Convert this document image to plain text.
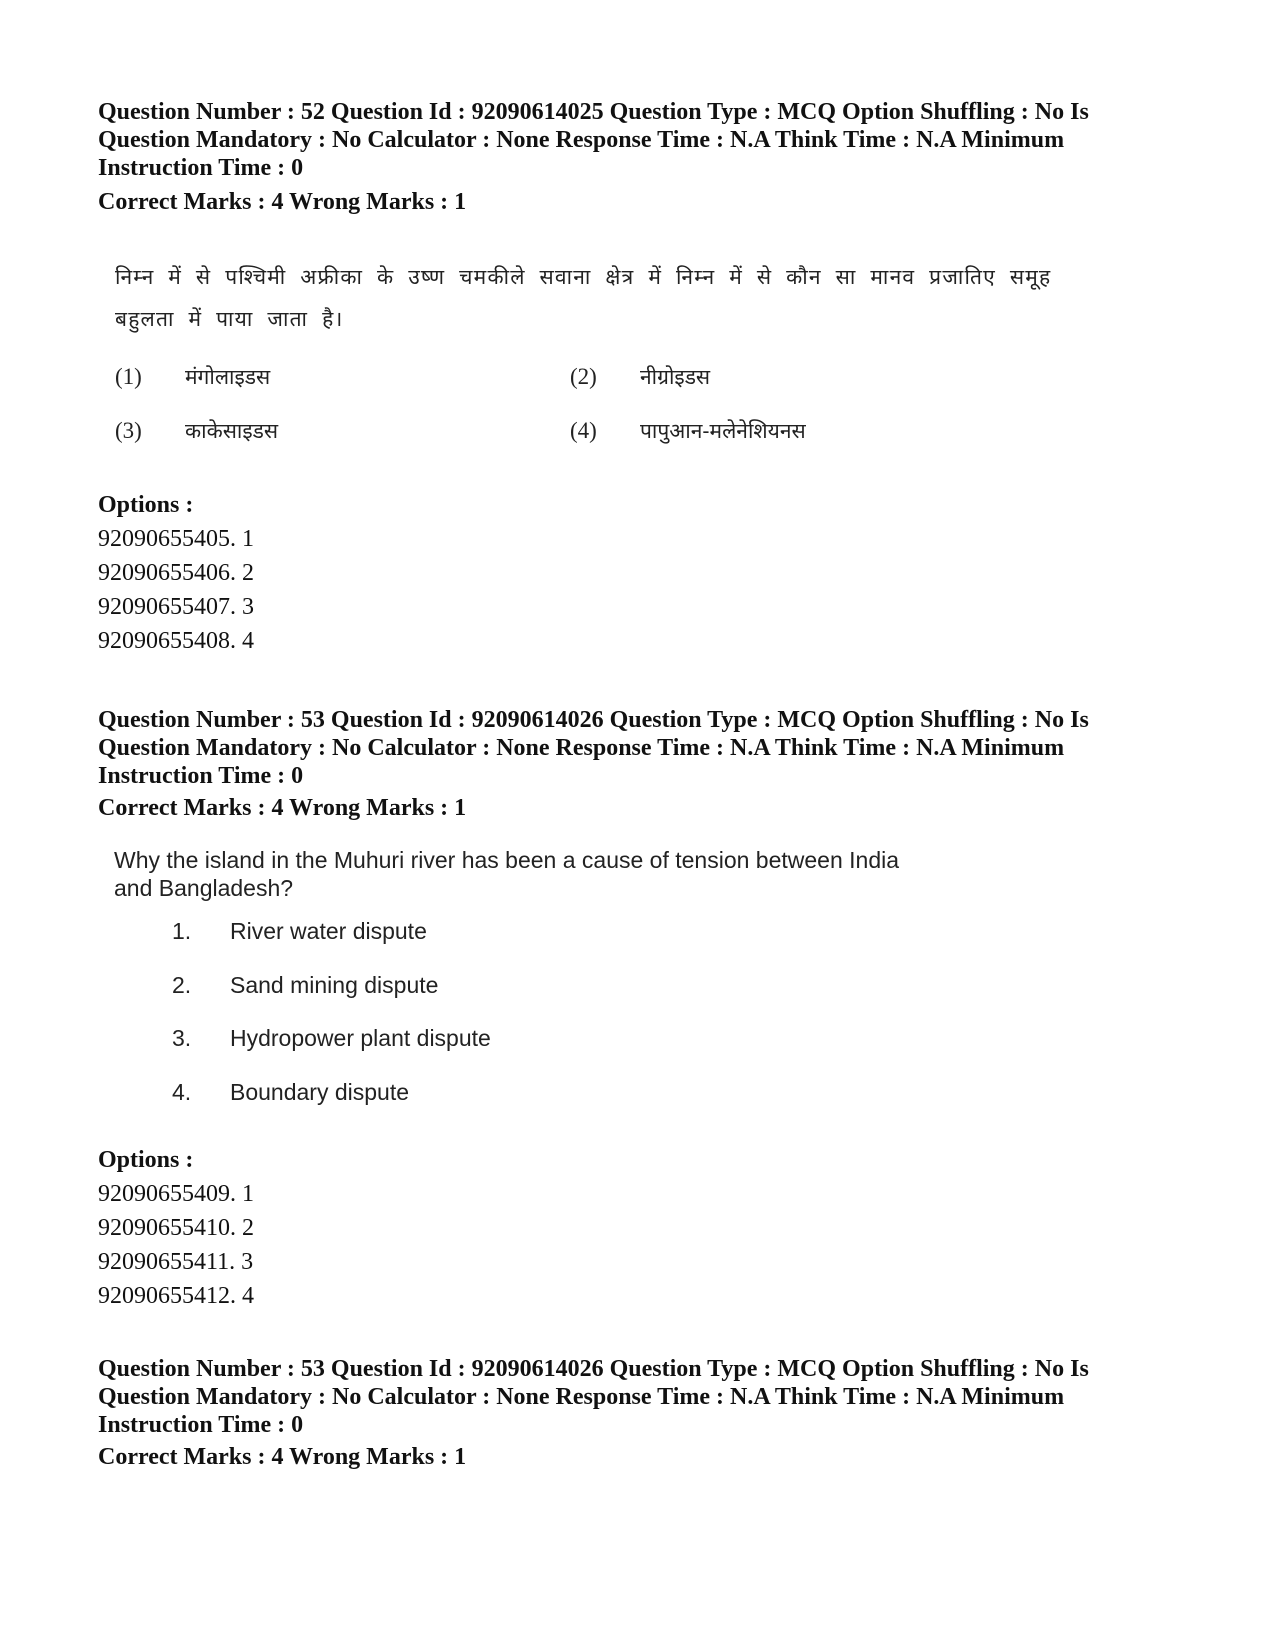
Question Number : 52 Question Id : 92090614025 Question Type : MCQ Option Shuffling : No Is
Question Mandatory : No Calculator : None Response Time : N.A Think Time : N.A Minimum
Instruction Time : 0
Correct Marks : 4 Wrong Marks : 1
निम्न में से पश्चिमी अफ्रीका के उष्ण चमकीले सवाना क्षेत्र में निम्न में से कौन सा मानव प्रजातिए समूह
बहुलता में पाया जाता है।
(1) मंगोलाइडस	(2) नीग्रोइडस
(3) काकेसाइडस	(4) पापुआन-मलेनेशियनस
Options :
92090655405. 1
92090655406. 2
92090655407. 3
92090655408. 4
Question Number : 53 Question Id : 92090614026 Question Type : MCQ Option Shuffling : No Is
Question Mandatory : No Calculator : None Response Time : N.A Think Time : N.A Minimum
Instruction Time : 0
Correct Marks : 4 Wrong Marks : 1
Why the island in the Muhuri river has been a cause of tension between India
and Bangladesh?
1. River water dispute
2. Sand mining dispute
3. Hydropower plant dispute
4. Boundary dispute
Options :
92090655409. 1
92090655410. 2
92090655411. 3
92090655412. 4
Question Number : 53 Question Id : 92090614026 Question Type : MCQ Option Shuffling : No Is
Question Mandatory : No Calculator : None Response Time : N.A Think Time : N.A Minimum
Instruction Time : 0
Correct Marks : 4 Wrong Marks : 1
